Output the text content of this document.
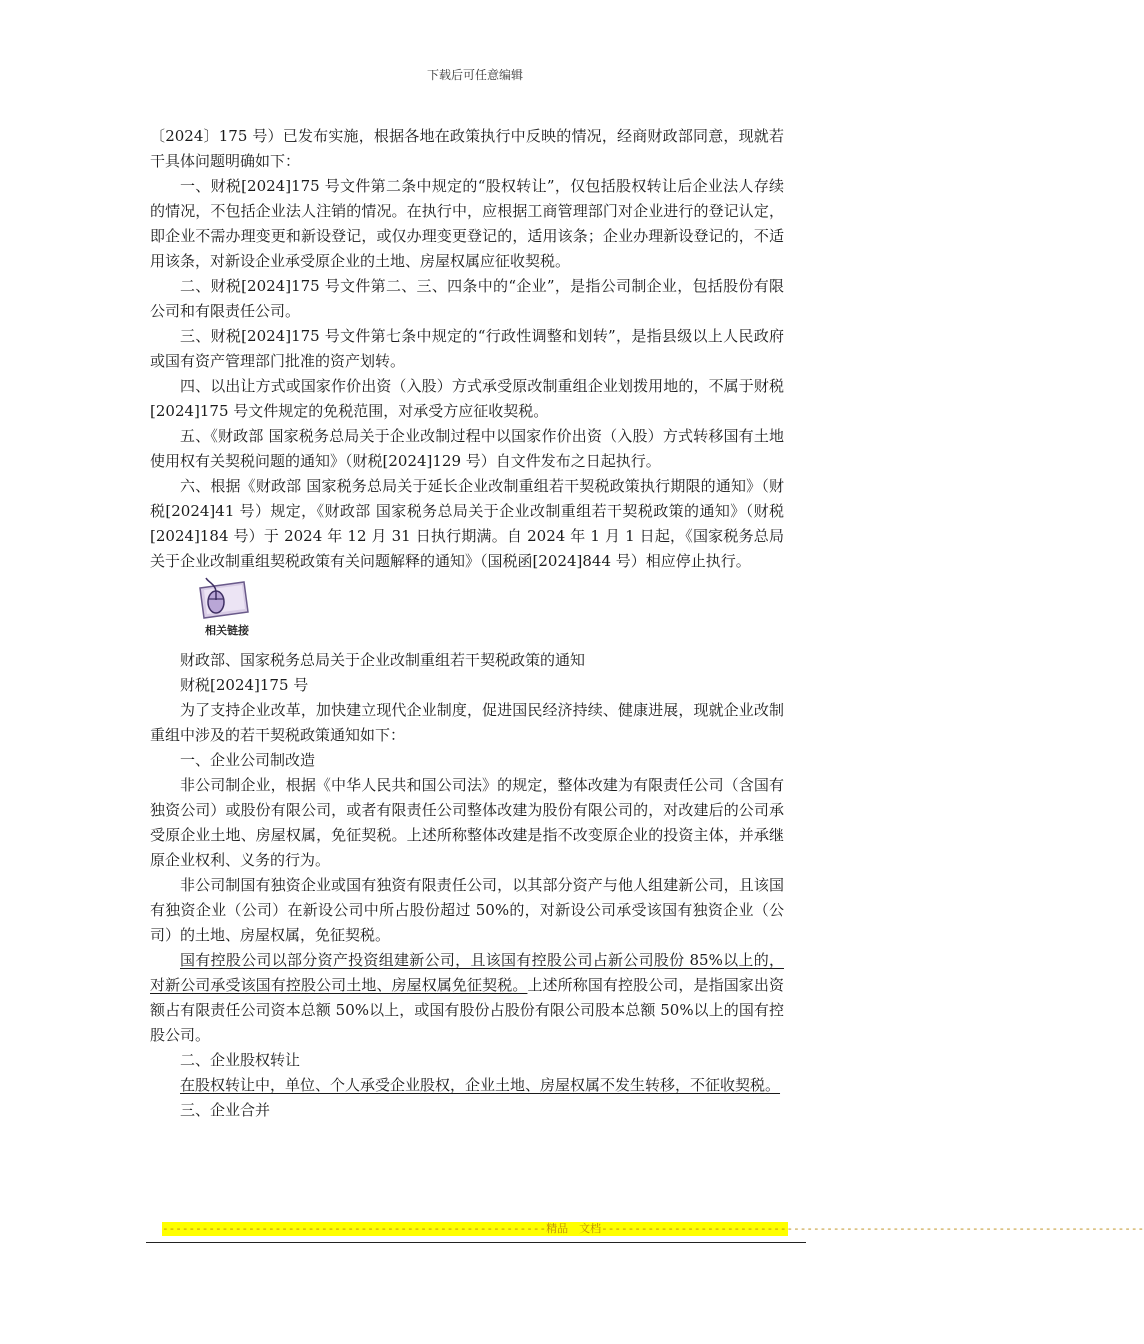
下载后可任意编辑

〔2024〕175 号）已发布实施，根据各地在政策执行中反映的情况，经商财政部同意，现就若干具体问题明确如下：

一、财税[2024]175 号文件第二条中规定的“股权转让”，仅包括股权转让后企业法人存续的情况，不包括企业法人注销的情况。在执行中，应根据工商管理部门对企业进行的登记认定，即企业不需办理变更和新设登记，或仅办理变更登记的，适用该条；企业办理新设登记的，不适用该条，对新设企业承受原企业的土地、房屋权属应征收契税。

二、财税[2024]175 号文件第二、三、四条中的“企业”，是指公司制企业，包括股份有限公司和有限责任公司。

三、财税[2024]175 号文件第七条中规定的“行政性调整和划转”，是指县级以上人民政府或国有资产管理部门批准的资产划转。

四、以出让方式或国家作价出资（入股）方式承受原改制重组企业划拨用地的，不属于财税[2024]175 号文件规定的免税范围，对承受方应征收契税。

五、《财政部 国家税务总局关于企业改制过程中以国家作价出资（入股）方式转移国有土地使用权有关契税问题的通知》（财税[2024]129 号）自文件发布之日起执行。

六、根据《财政部 国家税务总局关于延长企业改制重组若干契税政策执行期限的通知》（财税[2024]41 号）规定，《财政部 国家税务总局关于企业改制重组若干契税政策的通知》（财税[2024]184 号）于 2024 年 12 月 31 日执行期满。自 2024 年 1 月 1 日起，《国家税务总局关于企业改制重组契税政策有关问题解释的通知》（国税函[2024]844 号）相应停止执行。

相关链接

财政部、国家税务总局关于企业改制重组若干契税政策的通知

财税[2024]175 号

为了支持企业改革，加快建立现代企业制度，促进国民经济持续、健康进展，现就企业改制重组中涉及的若干契税政策通知如下：

一、企业公司制改造

非公司制企业，根据《中华人民共和国公司法》的规定，整体改建为有限责任公司（含国有独资公司）或股份有限公司，或者有限责任公司整体改建为股份有限公司的，对改建后的公司承受原企业土地、房屋权属，免征契税。上述所称整体改建是指不改变原企业的投资主体，并承继原企业权利、义务的行为。

非公司制国有独资企业或国有独资有限责任公司，以其部分资产与他人组建新公司，且该国有独资企业（公司）在新设公司中所占股份超过 50%的，对新设公司承受该国有独资企业（公司）的土地、房屋权属，免征契税。

国有控股公司以部分资产投资组建新公司，且该国有控股公司占新公司股份 85%以上的，对新公司承受该国有控股公司土地、房屋权属免征契税。上述所称国有控股公司，是指国家出资额占有限责任公司资本总额 50%以上，或国有股份占股份有限公司股本总额 50%以上的国有控股公司。

二、企业股权转让

在股权转让中，单位、个人承受企业股权，企业土地、房屋权属不发生转移，不征收契税。

三、企业合并

----------------------------------------------------------精品　文档----------------------------------------------------------------------------------
